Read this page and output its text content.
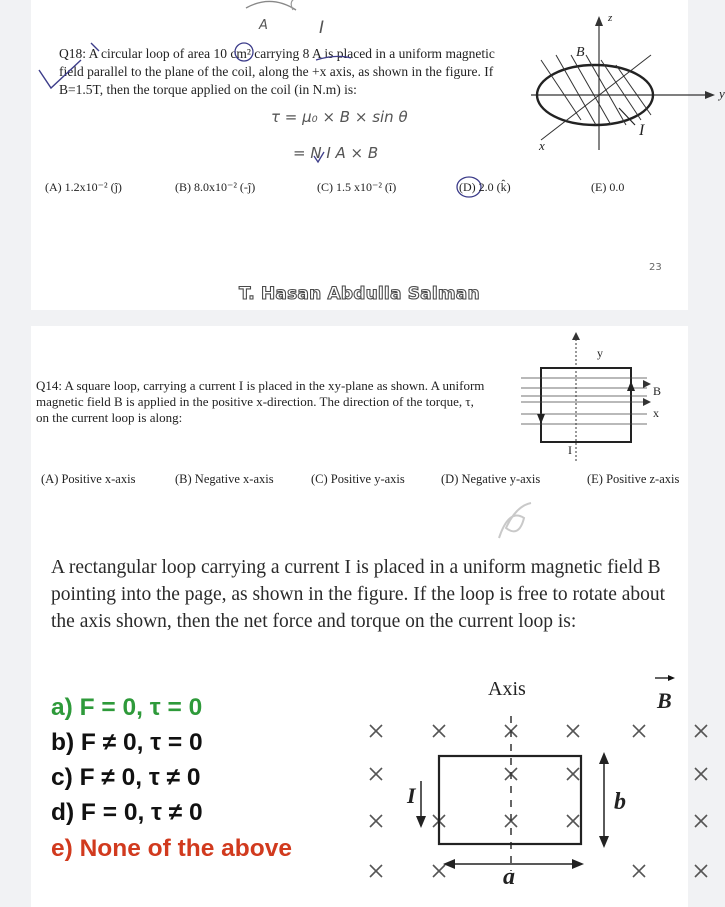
Q18: A circular loop of area 10 cm² carrying 8 A is placed in a uniform magnetic field parallel to the plane of the coil, along the +x axis, as shown in the figure. If B=1.5T, then the torque applied on the coil (in N.m) is:
A	I
τ = μ₀ × B × sin θ
= N I A × B
z
y
x
B
I
(A) 1.2x10⁻² (ĵ)	(B) 8.0x10⁻² (-ĵ)	(C) 1.5 x10⁻² (î)	(D) 2.0 (k̂)	(E) 0.0
23
T. Hasan Abdulla Salman
Q14: A square loop, carrying a current I is placed in the xy-plane as shown. A uniform magnetic field B is applied in the positive x-direction. The direction of the torque, τ, on the current loop is along:
y
B
x
I
(A) Positive x-axis	(B) Negative x-axis	(C) Positive y-axis	(D) Negative y-axis	(E) Positive z-axis
A rectangular loop carrying a current I is placed in a uniform magnetic field B pointing into the page, as shown in the figure. If the loop is free to rotate about the axis shown, then the net force and torque on the current loop is:
a) F = 0, τ = 0
b) F ≠ 0, τ = 0
c) F ≠ 0, τ ≠ 0
d) F = 0, τ ≠ 0
e) None of the above
Axis	B
I	b
a
